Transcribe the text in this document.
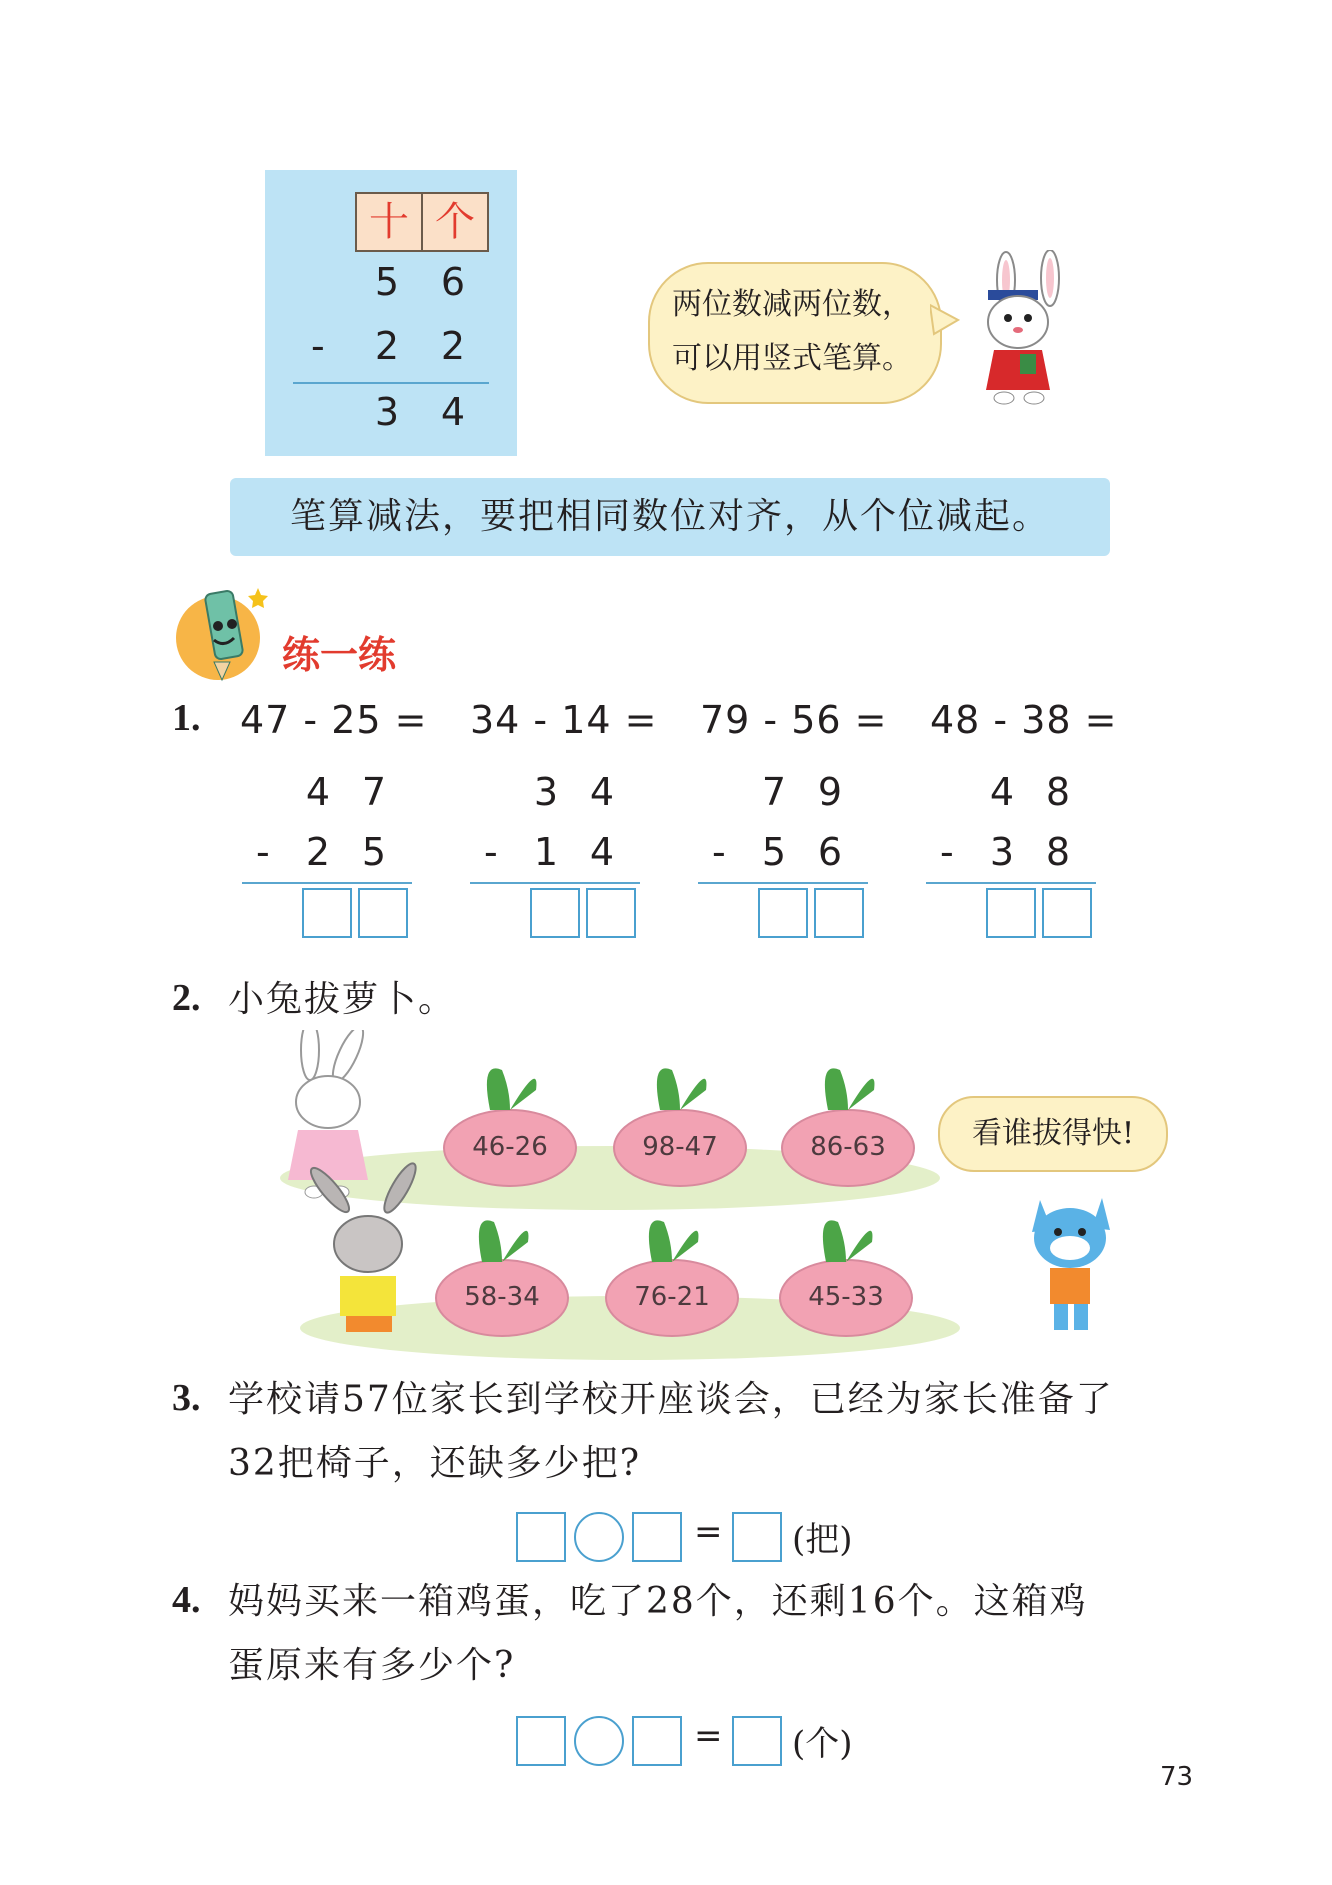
十 个
5	6
-	2	2
3	4
两位数减两位数，
可以用竖式笔算。
笔算减法，要把相同数位对齐，从个位减起。
练一练
1. 47 - 25 = 34 - 14 = 79 - 56 = 48 - 38 =
4 7
- 2 5
3 4
- 1 4
7 9
- 5 6
4 8
- 3 8
2. 小兔拔萝卜。
46-26	98-47	86-63
58-34	76-21	45-33
看谁拔得快!
3. 学校请57位家长到学校开座谈会，已经为家长准备了
32把椅子，还缺多少把?
= (把)
4. 妈妈买来一箱鸡蛋，吃了28个，还剩16个。这箱鸡
蛋原来有多少个?
= (个)
73
